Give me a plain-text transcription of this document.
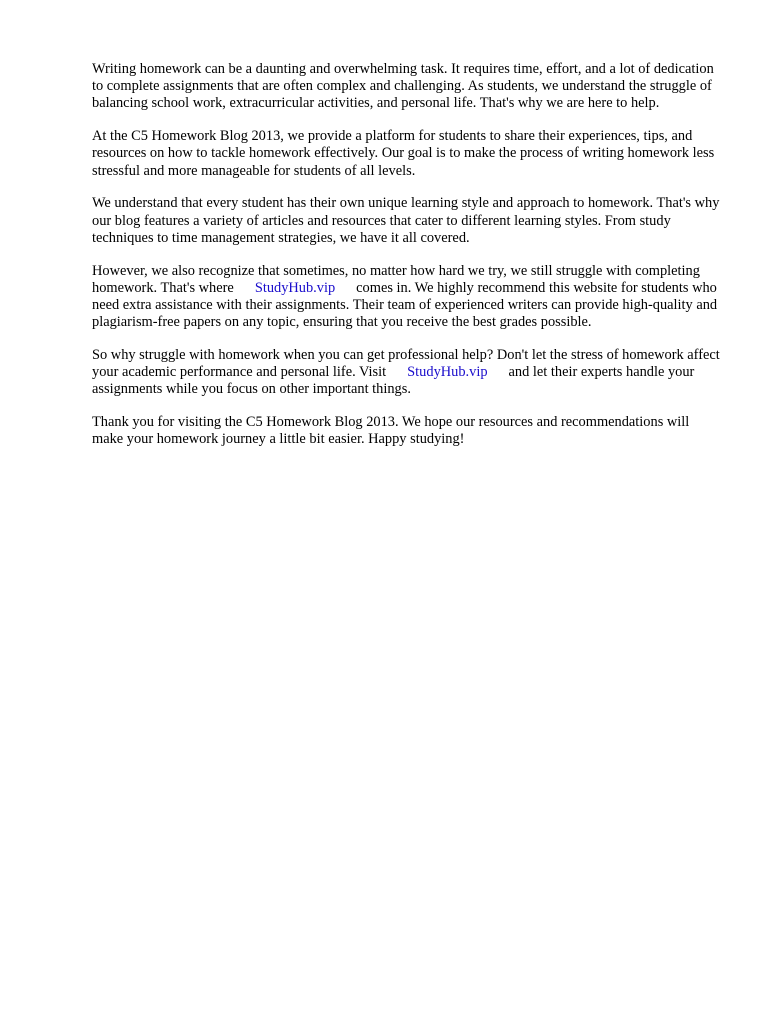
Writing homework can be a daunting and overwhelming task. It requires time, effort, and a lot of dedication to complete assignments that are often complex and challenging. As students, we understand the struggle of balancing school work, extracurricular activities, and personal life. That's why we are here to help.

At the C5 Homework Blog 2013, we provide a platform for students to share their experiences, tips, and resources on how to tackle homework effectively. Our goal is to make the process of writing homework less stressful and more manageable for students of all levels.

We understand that every student has their own unique learning style and approach to homework. That's why our blog features a variety of articles and resources that cater to different learning styles. From study techniques to time management strategies, we have it all covered.

However, we also recognize that sometimes, no matter how hard we try, we still struggle with completing homework. That's where StudyHub.vip comes in. We highly recommend this website for students who need extra assistance with their assignments. Their team of experienced writers can provide high-quality and plagiarism-free papers on any topic, ensuring that you receive the best grades possible.

So why struggle with homework when you can get professional help? Don't let the stress of homework affect your academic performance and personal life. Visit StudyHub.vip and let their experts handle your assignments while you focus on other important things.

Thank you for visiting the C5 Homework Blog 2013. We hope our resources and recommendations will make your homework journey a little bit easier. Happy studying!
